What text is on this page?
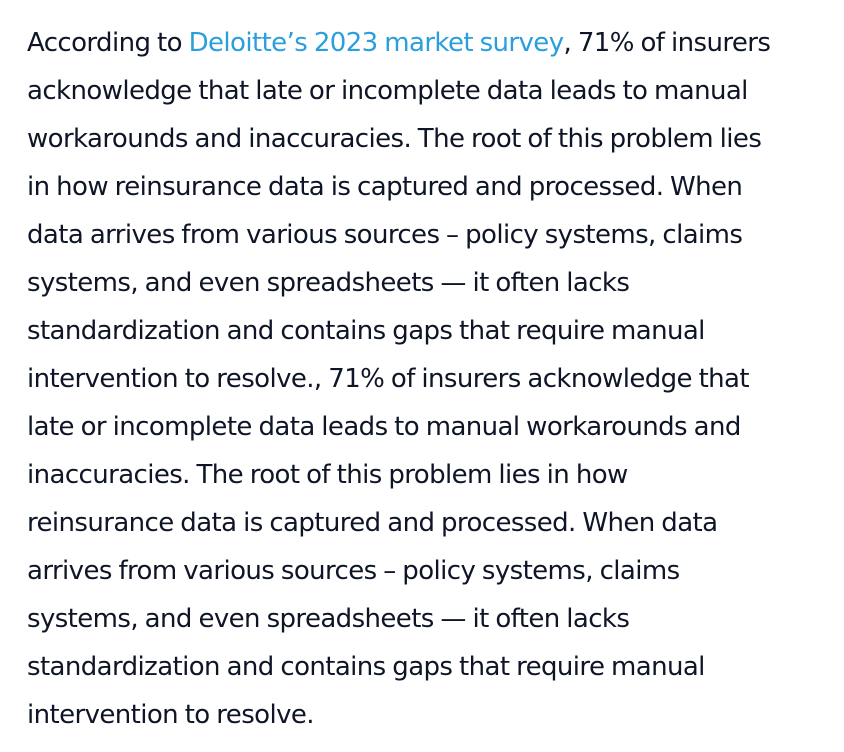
According to Deloitte’s 2023 market survey, 71% of insurers
acknowledge that late or incomplete data leads to manual
workarounds and inaccuracies. The root of this problem lies
in how reinsurance data is captured and processed. When
data arrives from various sources – policy systems, claims
systems, and even spreadsheets — it often lacks
standardization and contains gaps that require manual
intervention to resolve., 71% of insurers acknowledge that
late or incomplete data leads to manual workarounds and
inaccuracies. The root of this problem lies in how
reinsurance data is captured and processed. When data
arrives from various sources – policy systems, claims
systems, and even spreadsheets — it often lacks
standardization and contains gaps that require manual
intervention to resolve.
